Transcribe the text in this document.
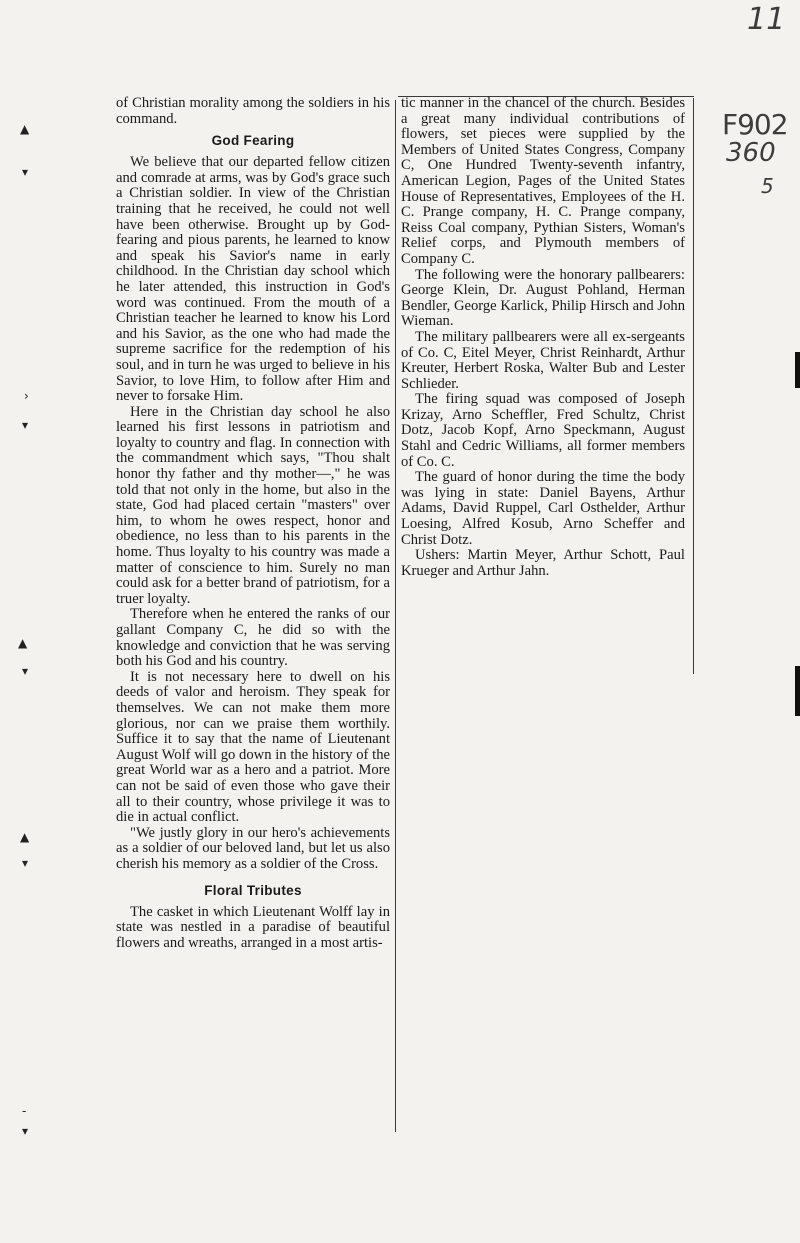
11
F902
360
5
▲
▾
›
▾
▲
▾
▲
▾
-
▾

of Christian morality among the soldiers in his command.

God Fearing

We believe that our departed fellow citizen and comrade at arms, was by God's grace such a Christian soldier. In view of the Christian training that he received, he could not well have been otherwise. Brought up by God-fearing and pious parents, he learned to know and speak his Savior's name in early childhood. In the Christian day school which he later attended, this instruction in God's word was continued. From the mouth of a Christian teacher he learned to know his Lord and his Savior, as the one who had made the supreme sacrifice for the redemption of his soul, and in turn he was urged to believe in his Savior, to love Him, to follow after Him and never to forsake Him.

Here in the Christian day school he also learned his first lessons in patriotism and loyalty to country and flag. In connection with the commandment which says, "Thou shalt honor thy father and thy mother—," he was told that not only in the home, but also in the state, God had placed certain "masters" over him, to whom he owes respect, honor and obedience, no less than to his parents in the home. Thus loyalty to his country was made a matter of conscience to him. Surely no man could ask for a better brand of patriotism, for a truer loyalty.

Therefore when he entered the ranks of our gallant Company C, he did so with the knowledge and conviction that he was serving both his God and his country.

It is not necessary here to dwell on his deeds of valor and heroism. They speak for themselves. We can not make them more glorious, nor can we praise them worthily. Suffice it to say that the name of Lieutenant August Wolf will go down in the history of the great World war as a hero and a patriot. More can not be said of even those who gave their all to their country, whose privilege it was to die in actual conflict.

"We justly glory in our hero's achievements as a soldier of our beloved land, but let us also cherish his memory as a soldier of the Cross.

Floral Tributes

The casket in which Lieutenant Wolff lay in state was nestled in a paradise of beautiful flowers and wreaths, arranged in a most artis-

tic manner in the chancel of the church. Besides a great many individual contributions of flowers, set pieces were supplied by the Members of United States Congress, Company C, One Hundred Twenty-seventh infantry, American Legion, Pages of the United States House of Representatives, Employees of the H. C. Prange company, H. C. Prange company, Reiss Coal company, Pythian Sisters, Woman's Relief corps, and Plymouth members of Company C.

The following were the honorary pallbearers: George Klein, Dr. August Pohland, Herman Bendler, George Karlick, Philip Hirsch and John Wieman.

The military pallbearers were all ex-sergeants of Co. C, Eitel Meyer, Christ Reinhardt, Arthur Kreuter, Herbert Roska, Walter Bub and Lester Schlieder.

The firing squad was composed of Joseph Krizay, Arno Scheffler, Fred Schultz, Christ Dotz, Jacob Kopf, Arno Speckmann, August Stahl and Cedric Williams, all former members of Co. C.

The guard of honor during the time the body was lying in state: Daniel Bayens, Arthur Adams, David Ruppel, Carl Osthelder, Arthur Loesing, Alfred Kosub, Arno Scheffer and Christ Dotz.

Ushers: Martin Meyer, Arthur Schott, Paul Krueger and Arthur Jahn.
